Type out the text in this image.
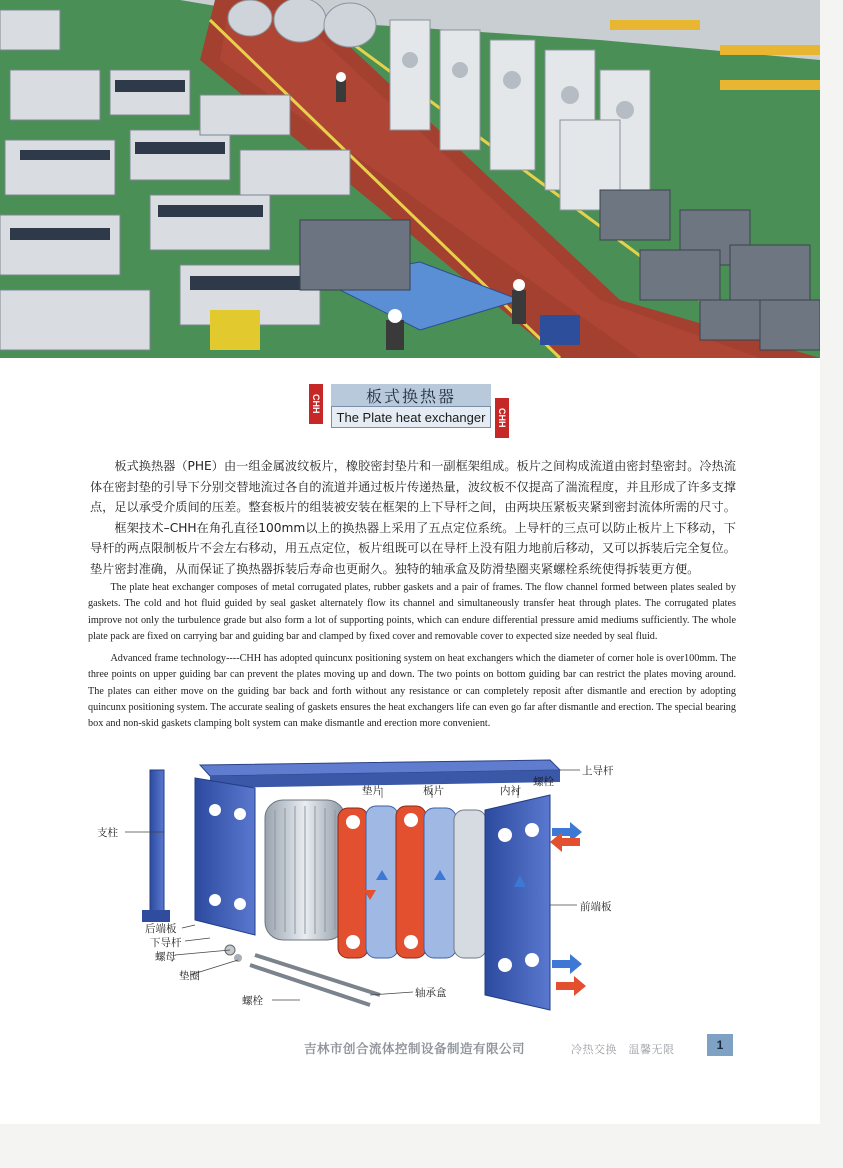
CHH	板式换热器
The Plate heat exchanger	CHH

板式换热器（PHE）由一组金属波纹板片，橡胶密封垫片和一副框架组成。板片之间构成流道由密封垫密封。冷热流体在密封垫的引导下分别交替地流过各自的流道并通过板片传递热量，波纹板不仅提高了湍流程度，并且形成了许多支撑点，足以承受介质间的压差。整套板片的组装被安装在框架的上下导杆之间，由两块压紧板夹紧到密封流体所需的尺寸。

框架技术–CHH在角孔直径100mm以上的换热器上采用了五点定位系统。上导杆的三点可以防止板片上下移动，下导杆的两点限制板片不会左右移动，用五点定位，板片组既可以在导杆上没有阻力地前后移动，又可以拆装后完全复位。垫片密封准确，从而保证了换热器拆装后寿命也更耐久。独特的轴承盒及防滑垫圈夹紧螺栓系统使得拆装更方便。

The plate heat exchanger composes of metal corrugated plates, rubber gaskets and a pair of frames. The flow channel formed between plates sealed by gaskets. The cold and hot fluid guided by seal gasket alternately flow its channel and simultaneously transfer heat through plates. The corrugated plates improve not only the turbulence grade but also form a lot of supporting points, which can endure differential pressure amid mediums sufficiently. The whole plate pack are fixed on carrying bar and guiding bar and clamped by fixed cover and removable cover to expected size needed by seal fluid.

Advanced frame technology----CHH has adopted quincunx positioning system on heat exchangers which the diameter of corner hole is over100mm. The three points on upper guiding bar can prevent the plates moving up and down. The two points on bottom guiding bar can restrict the plates moving around. The plates can either move on the guiding bar back and forth without any resistance or can completely reposit after dismantle and erection by adopting quincunx positioning system. The accurate sealing of gaskets ensures the heat exchangers life can even go far after dismantle and erection. The special bearing box and non-skid gaskets clamping bolt system can make dismantle and erection more convenient.

上导杆
螺栓
内衬
板片
垫片
支柱
前端板
后端板
下导杆
螺母
垫圈
轴承盒
螺栓
吉林市创合流体控制设备制造有限公司	冷热交换　温馨无限	1
